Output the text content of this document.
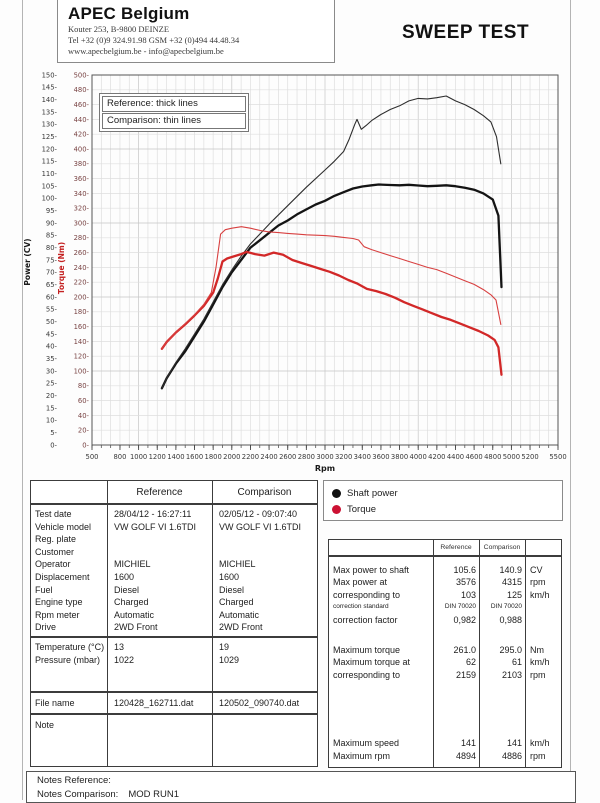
APEC Belgium
Kouter 253, B-9800 DEINZE
Tel +32 (0)9 324.91.98 GSM +32 (0)494 44.48.34
www.apecbelgium.be - info@apecbelgium.be
SWEEP TEST
0-
5-
10-
15-
20-
25-
30-
35-
40-
45-
50-
55-
60-
65-
70-
75-
80-
85-
90-
95-
100-
105-
110-
115-
120-
125-
130-
135-
140-
145-
150-
0-
20-
40-
60-
80-
100-
120-
140-
160-
180-
200-
220-
240-
260-
280-
300-
320-
340-
360-
380-
400-
420-
440-
460-
480-
500-
500 800 1000 1200 1400 1600 1800 2000 2200 2400 2600 2800 3000 3200 3400 3600 3800 4000 4200 4400 4600 4800 5000 5200 5500
Power (CV)	Torque (Nm)
Rpm
Reference: thick lines
Comparison: thin lines
Reference	Comparison
Test date	28/04/12 - 16:27:11	02/05/12 - 09:07:40
Vehicle model	VW GOLF VI 1.6TDI	VW GOLF VI 1.6TDI
Reg. plate
Customer
Operator	MICHIEL	MICHIEL
Displacement	1600	1600
Fuel	Diesel	Diesel
Engine type	Charged	Charged
Rpm meter	Automatic	Automatic
Drive	2WD Front	2WD Front
Temperature (°C)	13	19
Pressure (mbar)	1022	1029
File name	120428_162711.dat	120502_090740.dat
Note
Shaft power
Torque
Reference	Comparison
Max power to shaft	105.6	140.9 CV
Max power at	3576	4315 rpm
corresponding to	103	125 km/h
correction standard	DIN 70020	DIN 70020
correction factor	0,982	0,988
Maximum torque	261.0	295.0 Nm
Maximum torque at	62	61 km/h
corresponding to	2159	2103 rpm
Maximum speed	141	141 km/h
Maximum rpm	4894	4886 rpm
Notes Reference:
Notes Comparison: MOD RUN1
